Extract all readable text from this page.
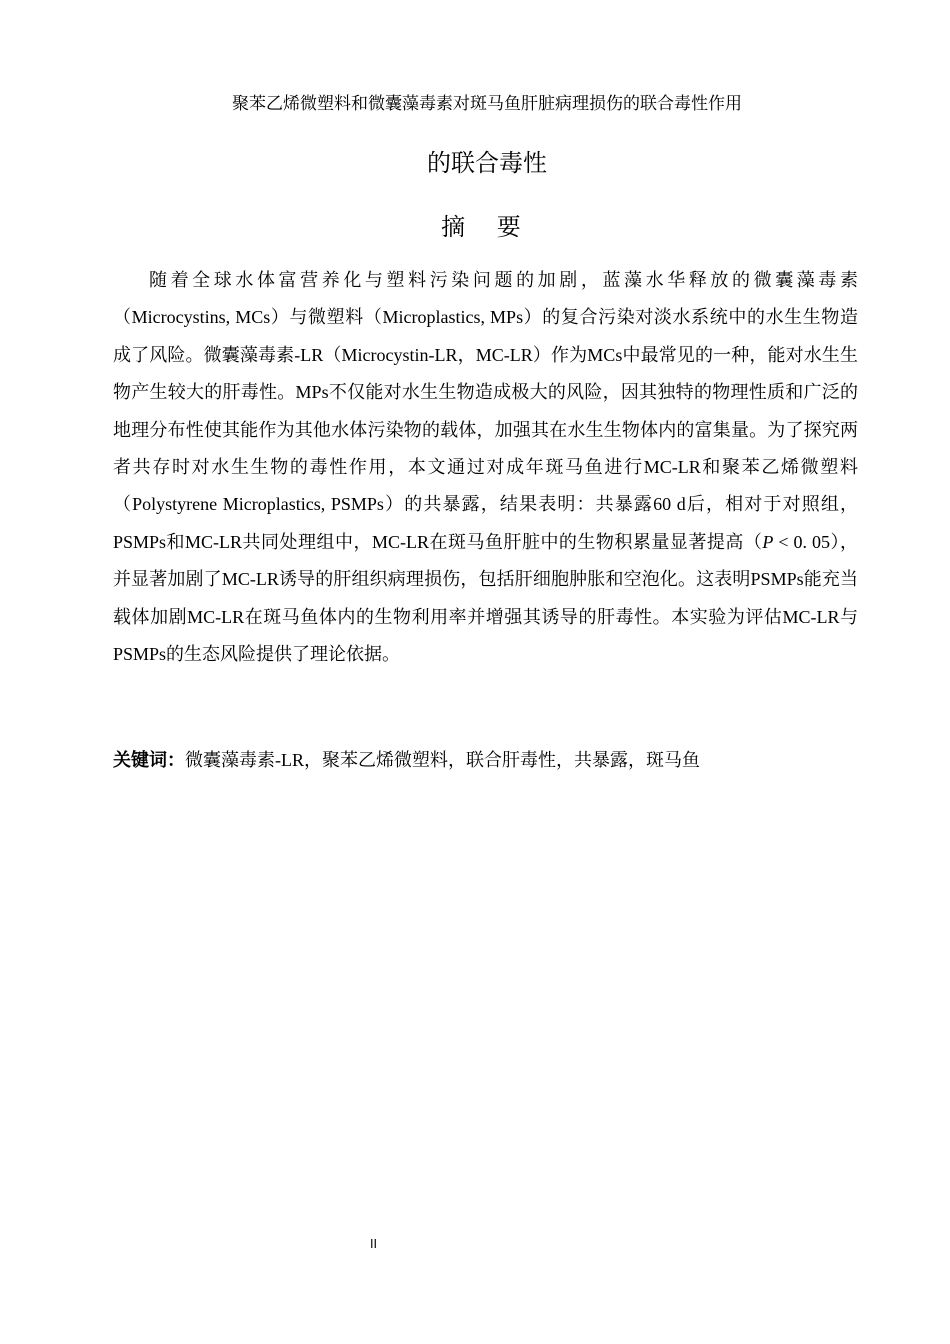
聚苯乙烯微塑料和微囊藻毒素对斑马鱼肝脏病理损伤的联合毒性作用
的联合毒性
摘 要

随着全球水体富营养化与塑料污染问题的加剧，蓝藻水华释放的微囊藻毒素（Microcystins, MCs）与微塑料（Microplastics, MPs）的复合污染对淡水系统中的水生生物造成了风险。微囊藻毒素-LR（Microcystin-LR，MC-LR）作为MCs中最常见的一种，能对水生生物产生较大的肝毒性。MPs不仅能对水生生物造成极大的风险，因其独特的物理性质和广泛的地理分布性使其能作为其他水体污染物的载体，加强其在水生生物体内的富集量。为了探究两者共存时对水生生物的毒性作用，本文通过对成年斑马鱼进行MC-LR和聚苯乙烯微塑料（Polystyrene Microplastics, PSMPs）的共暴露，结果表明：共暴露60 d后，相对于对照组，PSMPs和MC-LR共同处理组中，MC-LR在斑马鱼肝脏中的生物积累量显著提高（P < 0. 05），并显著加剧了MC-LR诱导的肝组织病理损伤，包括肝细胞肿胀和空泡化。这表明PSMPs能充当载体加剧MC-LR在斑马鱼体内的生物利用率并增强其诱导的肝毒性。本实验为评估MC-LR与PSMPs的生态风险提供了理论依据。

关键词：微囊藻毒素-LR，聚苯乙烯微塑料，联合肝毒性，共暴露，斑马鱼

II
